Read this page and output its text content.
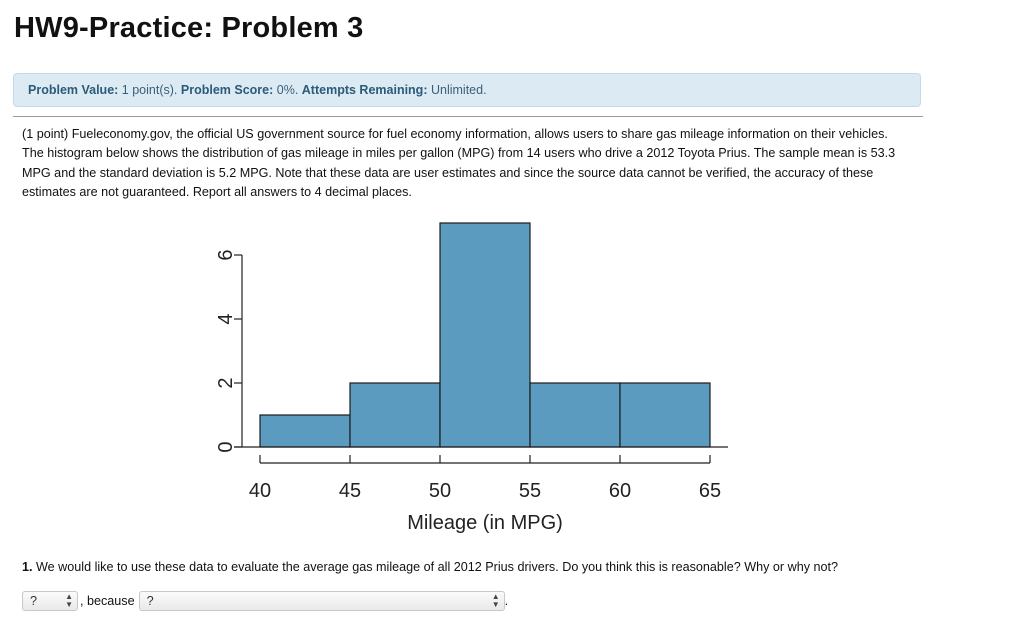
HW9-Practice: Problem 3
Problem Value: 1 point(s). Problem Score: 0%. Attempts Remaining: Unlimited.

(1 point) Fueleconomy.gov, the official US government source for fuel economy information, allows users to share gas mileage information on their vehicles. The histogram below shows the distribution of gas mileage in miles per gallon (MPG) from 14 users who drive a 2012 Toyota Prius. The sample mean is 53.3 MPG and the standard deviation is 5.2 MPG. Note that these data are user estimates and since the source data cannot be verified, the accuracy of these estimates are not guaranteed. Report all answers to 4 decimal places.

40	45	50	55	60	65
0
2
4
6
Mileage (in MPG)

1. We would like to use these data to evaluate the average gas mileage of all 2012 Prius drivers. Do you think this is reasonable? Why or why not?

?	▲
▼ , because ?	▲
▼ .
